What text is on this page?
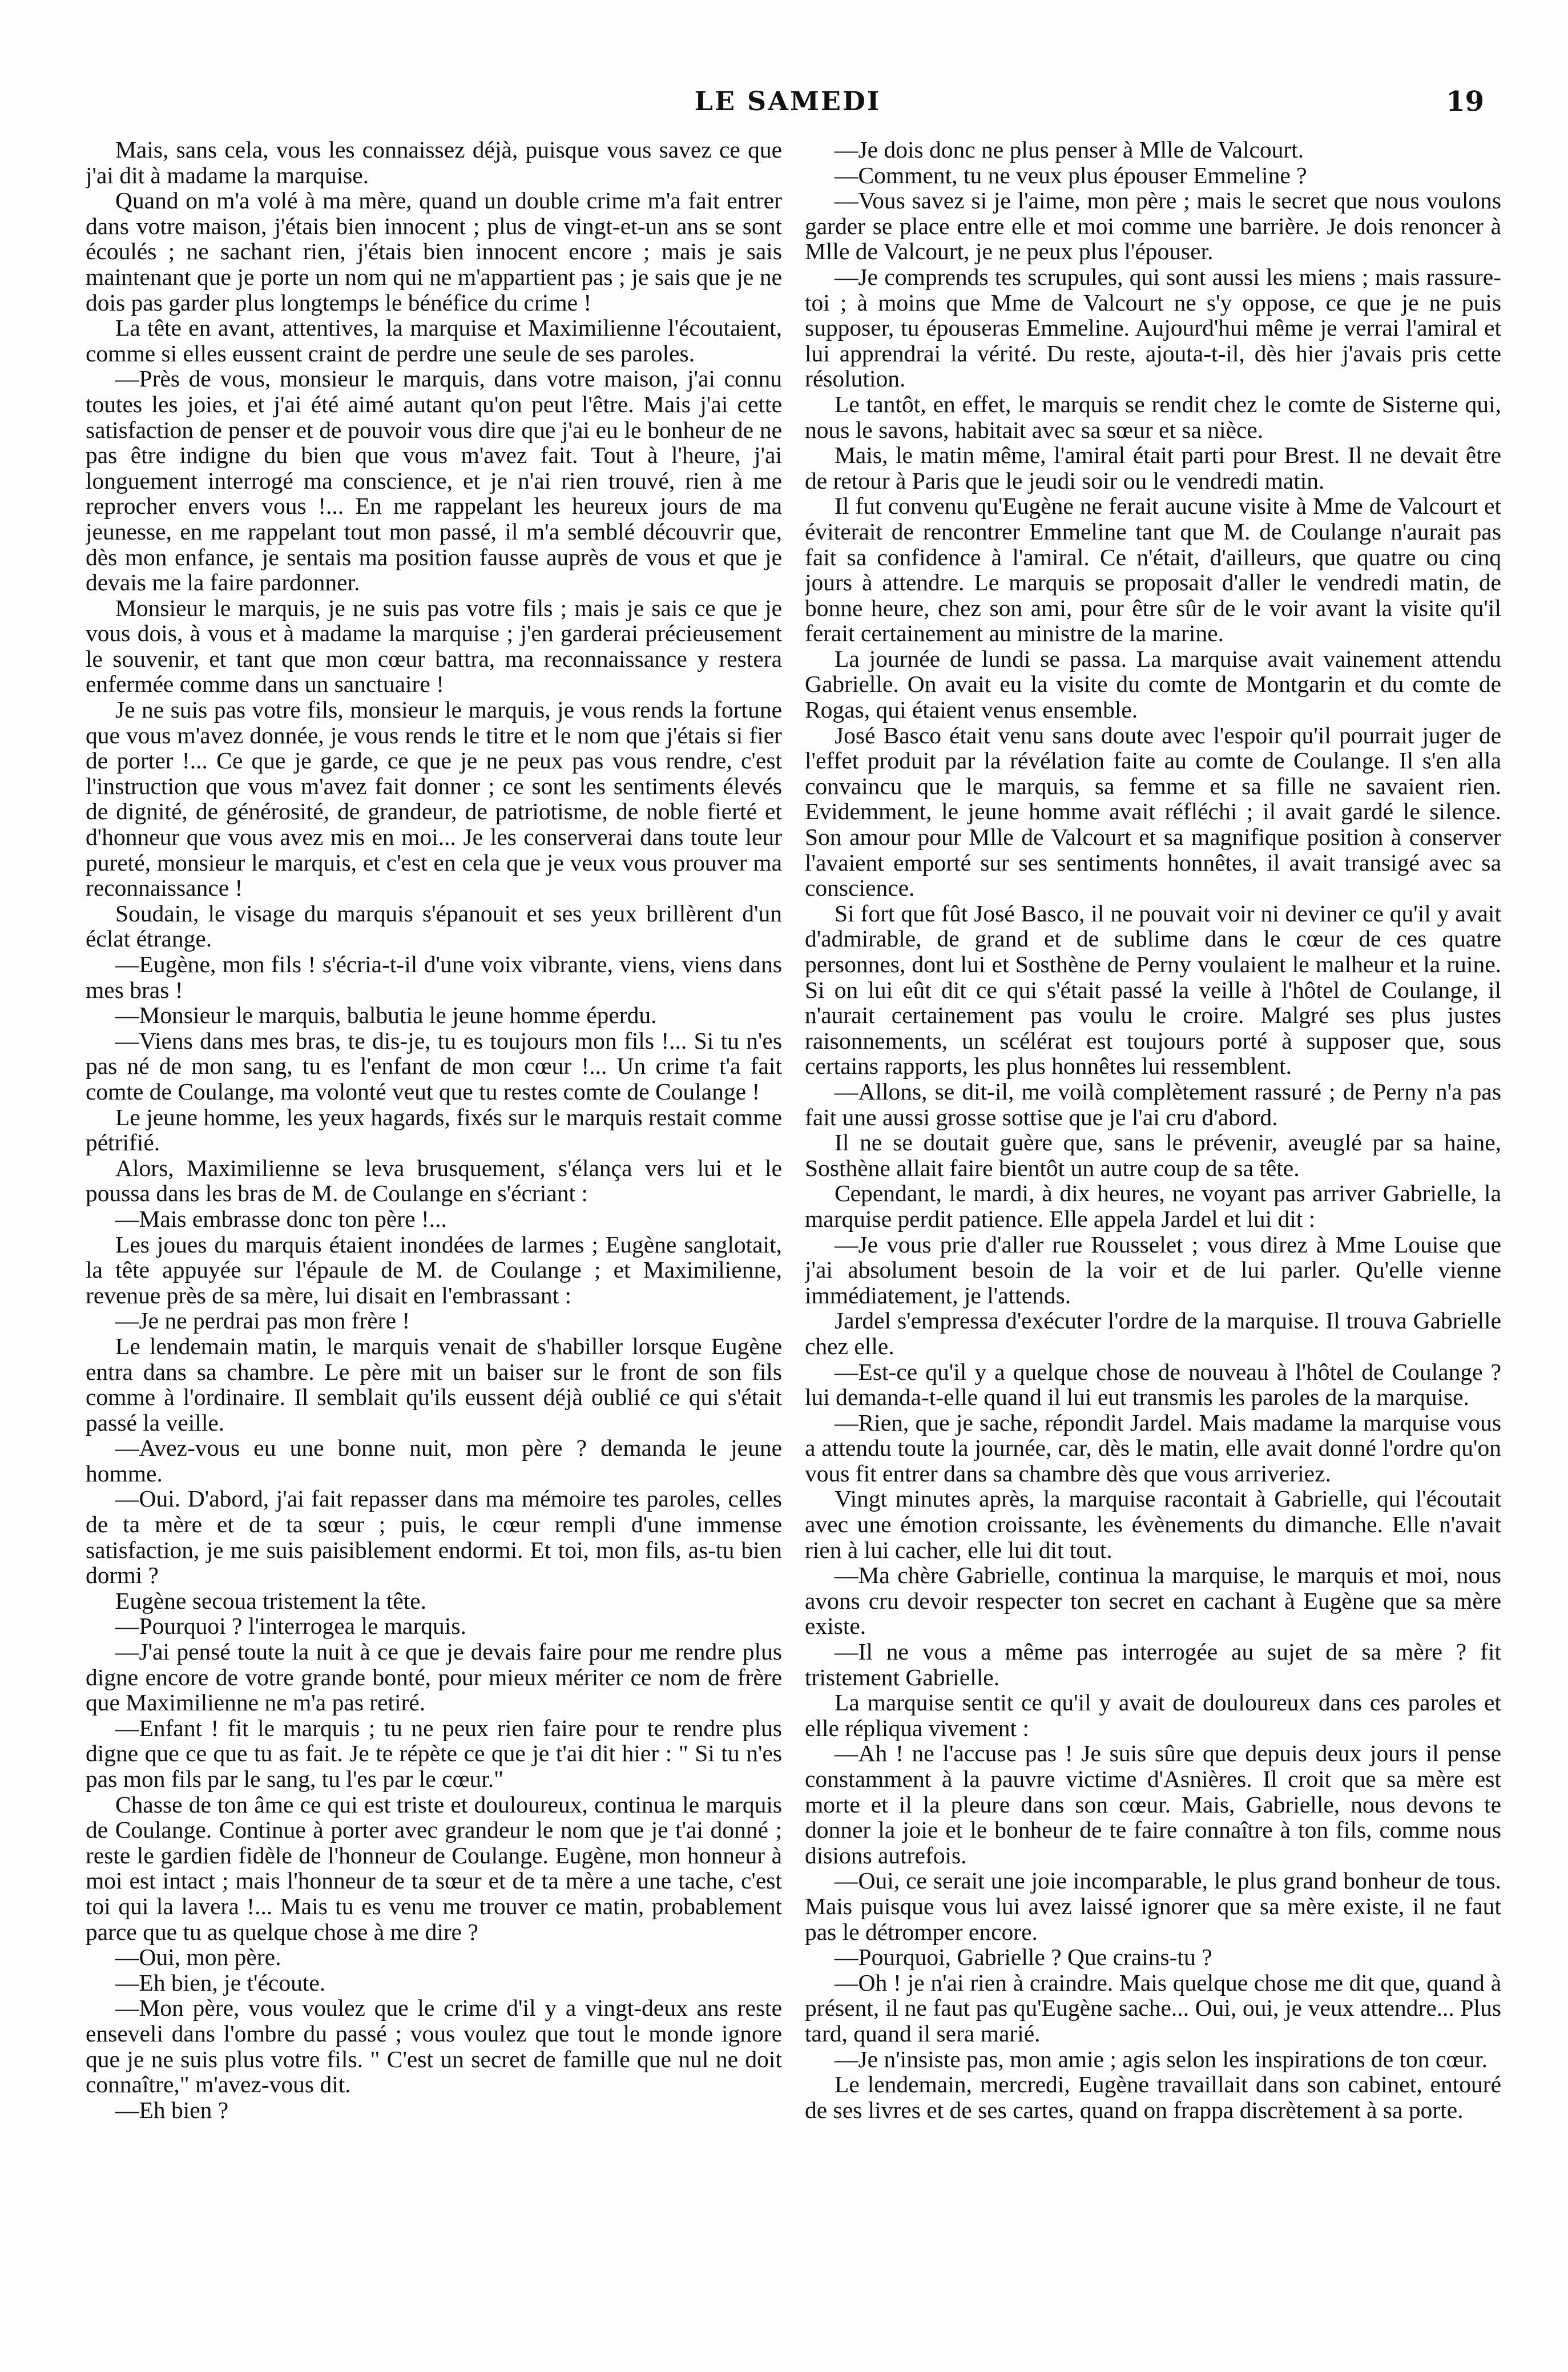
LE SAMEDI	19

Mais, sans cela, vous les connaissez déjà, puisque vous savez ce que j'ai dit à madame la marquise.

Quand on m'a volé à ma mère, quand un double crime m'a fait entrer dans votre maison, j'étais bien innocent ; plus de vingt-et-un ans se sont écoulés ; ne sachant rien, j'étais bien innocent encore ; mais je sais maintenant que je porte un nom qui ne m'appartient pas ; je sais que je ne dois pas garder plus longtemps le bénéfice du crime !

La tête en avant, attentives, la marquise et Maximilienne l'écoutaient, comme si elles eussent craint de perdre une seule de ses paroles.

—Près de vous, monsieur le marquis, dans votre maison, j'ai connu toutes les joies, et j'ai été aimé autant qu'on peut l'être. Mais j'ai cette satisfaction de penser et de pouvoir vous dire que j'ai eu le bonheur de ne pas être indigne du bien que vous m'avez fait. Tout à l'heure, j'ai longuement interrogé ma conscience, et je n'ai rien trouvé, rien à me reprocher envers vous !... En me rappelant les heureux jours de ma jeunesse, en me rappelant tout mon passé, il m'a semblé découvrir que, dès mon enfance, je sentais ma position fausse auprès de vous et que je devais me la faire pardonner.

Monsieur le marquis, je ne suis pas votre fils ; mais je sais ce que je vous dois, à vous et à madame la marquise ; j'en garderai précieusement le souvenir, et tant que mon cœur battra, ma reconnaissance y restera enfermée comme dans un sanctuaire !

Je ne suis pas votre fils, monsieur le marquis, je vous rends la fortune que vous m'avez donnée, je vous rends le titre et le nom que j'étais si fier de porter !... Ce que je garde, ce que je ne peux pas vous rendre, c'est l'instruction que vous m'avez fait donner ; ce sont les sentiments élevés de dignité, de générosité, de grandeur, de patriotisme, de noble fierté et d'honneur que vous avez mis en moi... Je les conserverai dans toute leur pureté, monsieur le marquis, et c'est en cela que je veux vous prouver ma reconnaissance !

Soudain, le visage du marquis s'épanouit et ses yeux brillèrent d'un éclat étrange.

—Eugène, mon fils ! s'écria-t-il d'une voix vibrante, viens, viens dans mes bras !

—Monsieur le marquis, balbutia le jeune homme éperdu.

—Viens dans mes bras, te dis-je, tu es toujours mon fils !... Si tu n'es pas né de mon sang, tu es l'enfant de mon cœur !... Un crime t'a fait comte de Coulange, ma volonté veut que tu restes comte de Coulange !

Le jeune homme, les yeux hagards, fixés sur le marquis restait comme pétrifié.

Alors, Maximilienne se leva brusquement, s'élança vers lui et le poussa dans les bras de M. de Coulange en s'écriant :

—Mais embrasse donc ton père !...

Les joues du marquis étaient inondées de larmes ; Eugène sanglotait, la tête appuyée sur l'épaule de M. de Coulange ; et Maximilienne, revenue près de sa mère, lui disait en l'embrassant :

—Je ne perdrai pas mon frère !

Le lendemain matin, le marquis venait de s'habiller lorsque Eugène entra dans sa chambre. Le père mit un baiser sur le front de son fils comme à l'ordinaire. Il semblait qu'ils eussent déjà oublié ce qui s'était passé la veille.

—Avez-vous eu une bonne nuit, mon père ? demanda le jeune homme.

—Oui. D'abord, j'ai fait repasser dans ma mémoire tes paroles, celles de ta mère et de ta sœur ; puis, le cœur rempli d'une immense satisfaction, je me suis paisiblement endormi. Et toi, mon fils, as-tu bien dormi ?

Eugène secoua tristement la tête.

—Pourquoi ? l'interrogea le marquis.

—J'ai pensé toute la nuit à ce que je devais faire pour me rendre plus digne encore de votre grande bonté, pour mieux mériter ce nom de frère que Maximilienne ne m'a pas retiré.

—Enfant ! fit le marquis ; tu ne peux rien faire pour te rendre plus digne que ce que tu as fait. Je te répète ce que je t'ai dit hier : " Si tu n'es pas mon fils par le sang, tu l'es par le cœur."

Chasse de ton âme ce qui est triste et douloureux, continua le marquis de Coulange. Continue à porter avec grandeur le nom que je t'ai donné ; reste le gardien fidèle de l'honneur de Coulange. Eugène, mon honneur à moi est intact ; mais l'honneur de ta sœur et de ta mère a une tache, c'est toi qui la lavera !... Mais tu es venu me trouver ce matin, probablement parce que tu as quelque chose à me dire ?

—Oui, mon père.

—Eh bien, je t'écoute.

—Mon père, vous voulez que le crime d'il y a vingt-deux ans reste enseveli dans l'ombre du passé ; vous voulez que tout le monde ignore que je ne suis plus votre fils. " C'est un secret de famille que nul ne doit connaître," m'avez-vous dit.

—Eh bien ?

—Je dois donc ne plus penser à Mlle de Valcourt.

—Comment, tu ne veux plus épouser Emmeline ?

—Vous savez si je l'aime, mon père ; mais le secret que nous voulons garder se place entre elle et moi comme une barrière. Je dois renoncer à Mlle de Valcourt, je ne peux plus l'épouser.

—Je comprends tes scrupules, qui sont aussi les miens ; mais rassure-toi ; à moins que Mme de Valcourt ne s'y oppose, ce que je ne puis supposer, tu épouseras Emmeline. Aujourd'hui même je verrai l'amiral et lui apprendrai la vérité. Du reste, ajouta-t-il, dès hier j'avais pris cette résolution.

Le tantôt, en effet, le marquis se rendit chez le comte de Sisterne qui, nous le savons, habitait avec sa sœur et sa nièce.

Mais, le matin même, l'amiral était parti pour Brest. Il ne devait être de retour à Paris que le jeudi soir ou le vendredi matin.

Il fut convenu qu'Eugène ne ferait aucune visite à Mme de Valcourt et éviterait de rencontrer Emmeline tant que M. de Coulange n'aurait pas fait sa confidence à l'amiral. Ce n'était, d'ailleurs, que quatre ou cinq jours à attendre. Le marquis se proposait d'aller le vendredi matin, de bonne heure, chez son ami, pour être sûr de le voir avant la visite qu'il ferait certainement au ministre de la marine.

La journée de lundi se passa. La marquise avait vainement attendu Gabrielle. On avait eu la visite du comte de Montgarin et du comte de Rogas, qui étaient venus ensemble.

José Basco était venu sans doute avec l'espoir qu'il pourrait juger de l'effet produit par la révélation faite au comte de Coulange. Il s'en alla convaincu que le marquis, sa femme et sa fille ne savaient rien. Evidemment, le jeune homme avait réfléchi ; il avait gardé le silence. Son amour pour Mlle de Valcourt et sa magnifique position à conserver l'avaient emporté sur ses sentiments honnêtes, il avait transigé avec sa conscience.

Si fort que fût José Basco, il ne pouvait voir ni deviner ce qu'il y avait d'admirable, de grand et de sublime dans le cœur de ces quatre personnes, dont lui et Sosthène de Perny voulaient le malheur et la ruine. Si on lui eût dit ce qui s'était passé la veille à l'hôtel de Coulange, il n'aurait certainement pas voulu le croire. Malgré ses plus justes raisonnements, un scélérat est toujours porté à supposer que, sous certains rapports, les plus honnêtes lui ressemblent.

—Allons, se dit-il, me voilà complètement rassuré ; de Perny n'a pas fait une aussi grosse sottise que je l'ai cru d'abord.

Il ne se doutait guère que, sans le prévenir, aveuglé par sa haine, Sosthène allait faire bientôt un autre coup de sa tête.

Cependant, le mardi, à dix heures, ne voyant pas arriver Gabrielle, la marquise perdit patience. Elle appela Jardel et lui dit :

—Je vous prie d'aller rue Rousselet ; vous direz à Mme Louise que j'ai absolument besoin de la voir et de lui parler. Qu'elle vienne immédiatement, je l'attends.

Jardel s'empressa d'exécuter l'ordre de la marquise. Il trouva Gabrielle chez elle.

—Est-ce qu'il y a quelque chose de nouveau à l'hôtel de Coulange ? lui demanda-t-elle quand il lui eut transmis les paroles de la marquise.

—Rien, que je sache, répondit Jardel. Mais madame la marquise vous a attendu toute la journée, car, dès le matin, elle avait donné l'ordre qu'on vous fit entrer dans sa chambre dès que vous arriveriez.

Vingt minutes après, la marquise racontait à Gabrielle, qui l'écoutait avec une émotion croissante, les évènements du dimanche. Elle n'avait rien à lui cacher, elle lui dit tout.

—Ma chère Gabrielle, continua la marquise, le marquis et moi, nous avons cru devoir respecter ton secret en cachant à Eugène que sa mère existe.

—Il ne vous a même pas interrogée au sujet de sa mère ? fit tristement Gabrielle.

La marquise sentit ce qu'il y avait de douloureux dans ces paroles et elle répliqua vivement :

—Ah ! ne l'accuse pas ! Je suis sûre que depuis deux jours il pense constamment à la pauvre victime d'Asnières. Il croit que sa mère est morte et il la pleure dans son cœur. Mais, Gabrielle, nous devons te donner la joie et le bonheur de te faire connaître à ton fils, comme nous disions autrefois.

—Oui, ce serait une joie incomparable, le plus grand bonheur de tous. Mais puisque vous lui avez laissé ignorer que sa mère existe, il ne faut pas le détromper encore.

—Pourquoi, Gabrielle ? Que crains-tu ?

—Oh ! je n'ai rien à craindre. Mais quelque chose me dit que, quand à présent, il ne faut pas qu'Eugène sache... Oui, oui, je veux attendre... Plus tard, quand il sera marié.

—Je n'insiste pas, mon amie ; agis selon les inspirations de ton cœur.

Le lendemain, mercredi, Eugène travaillait dans son cabinet, entouré de ses livres et de ses cartes, quand on frappa discrètement à sa porte.
